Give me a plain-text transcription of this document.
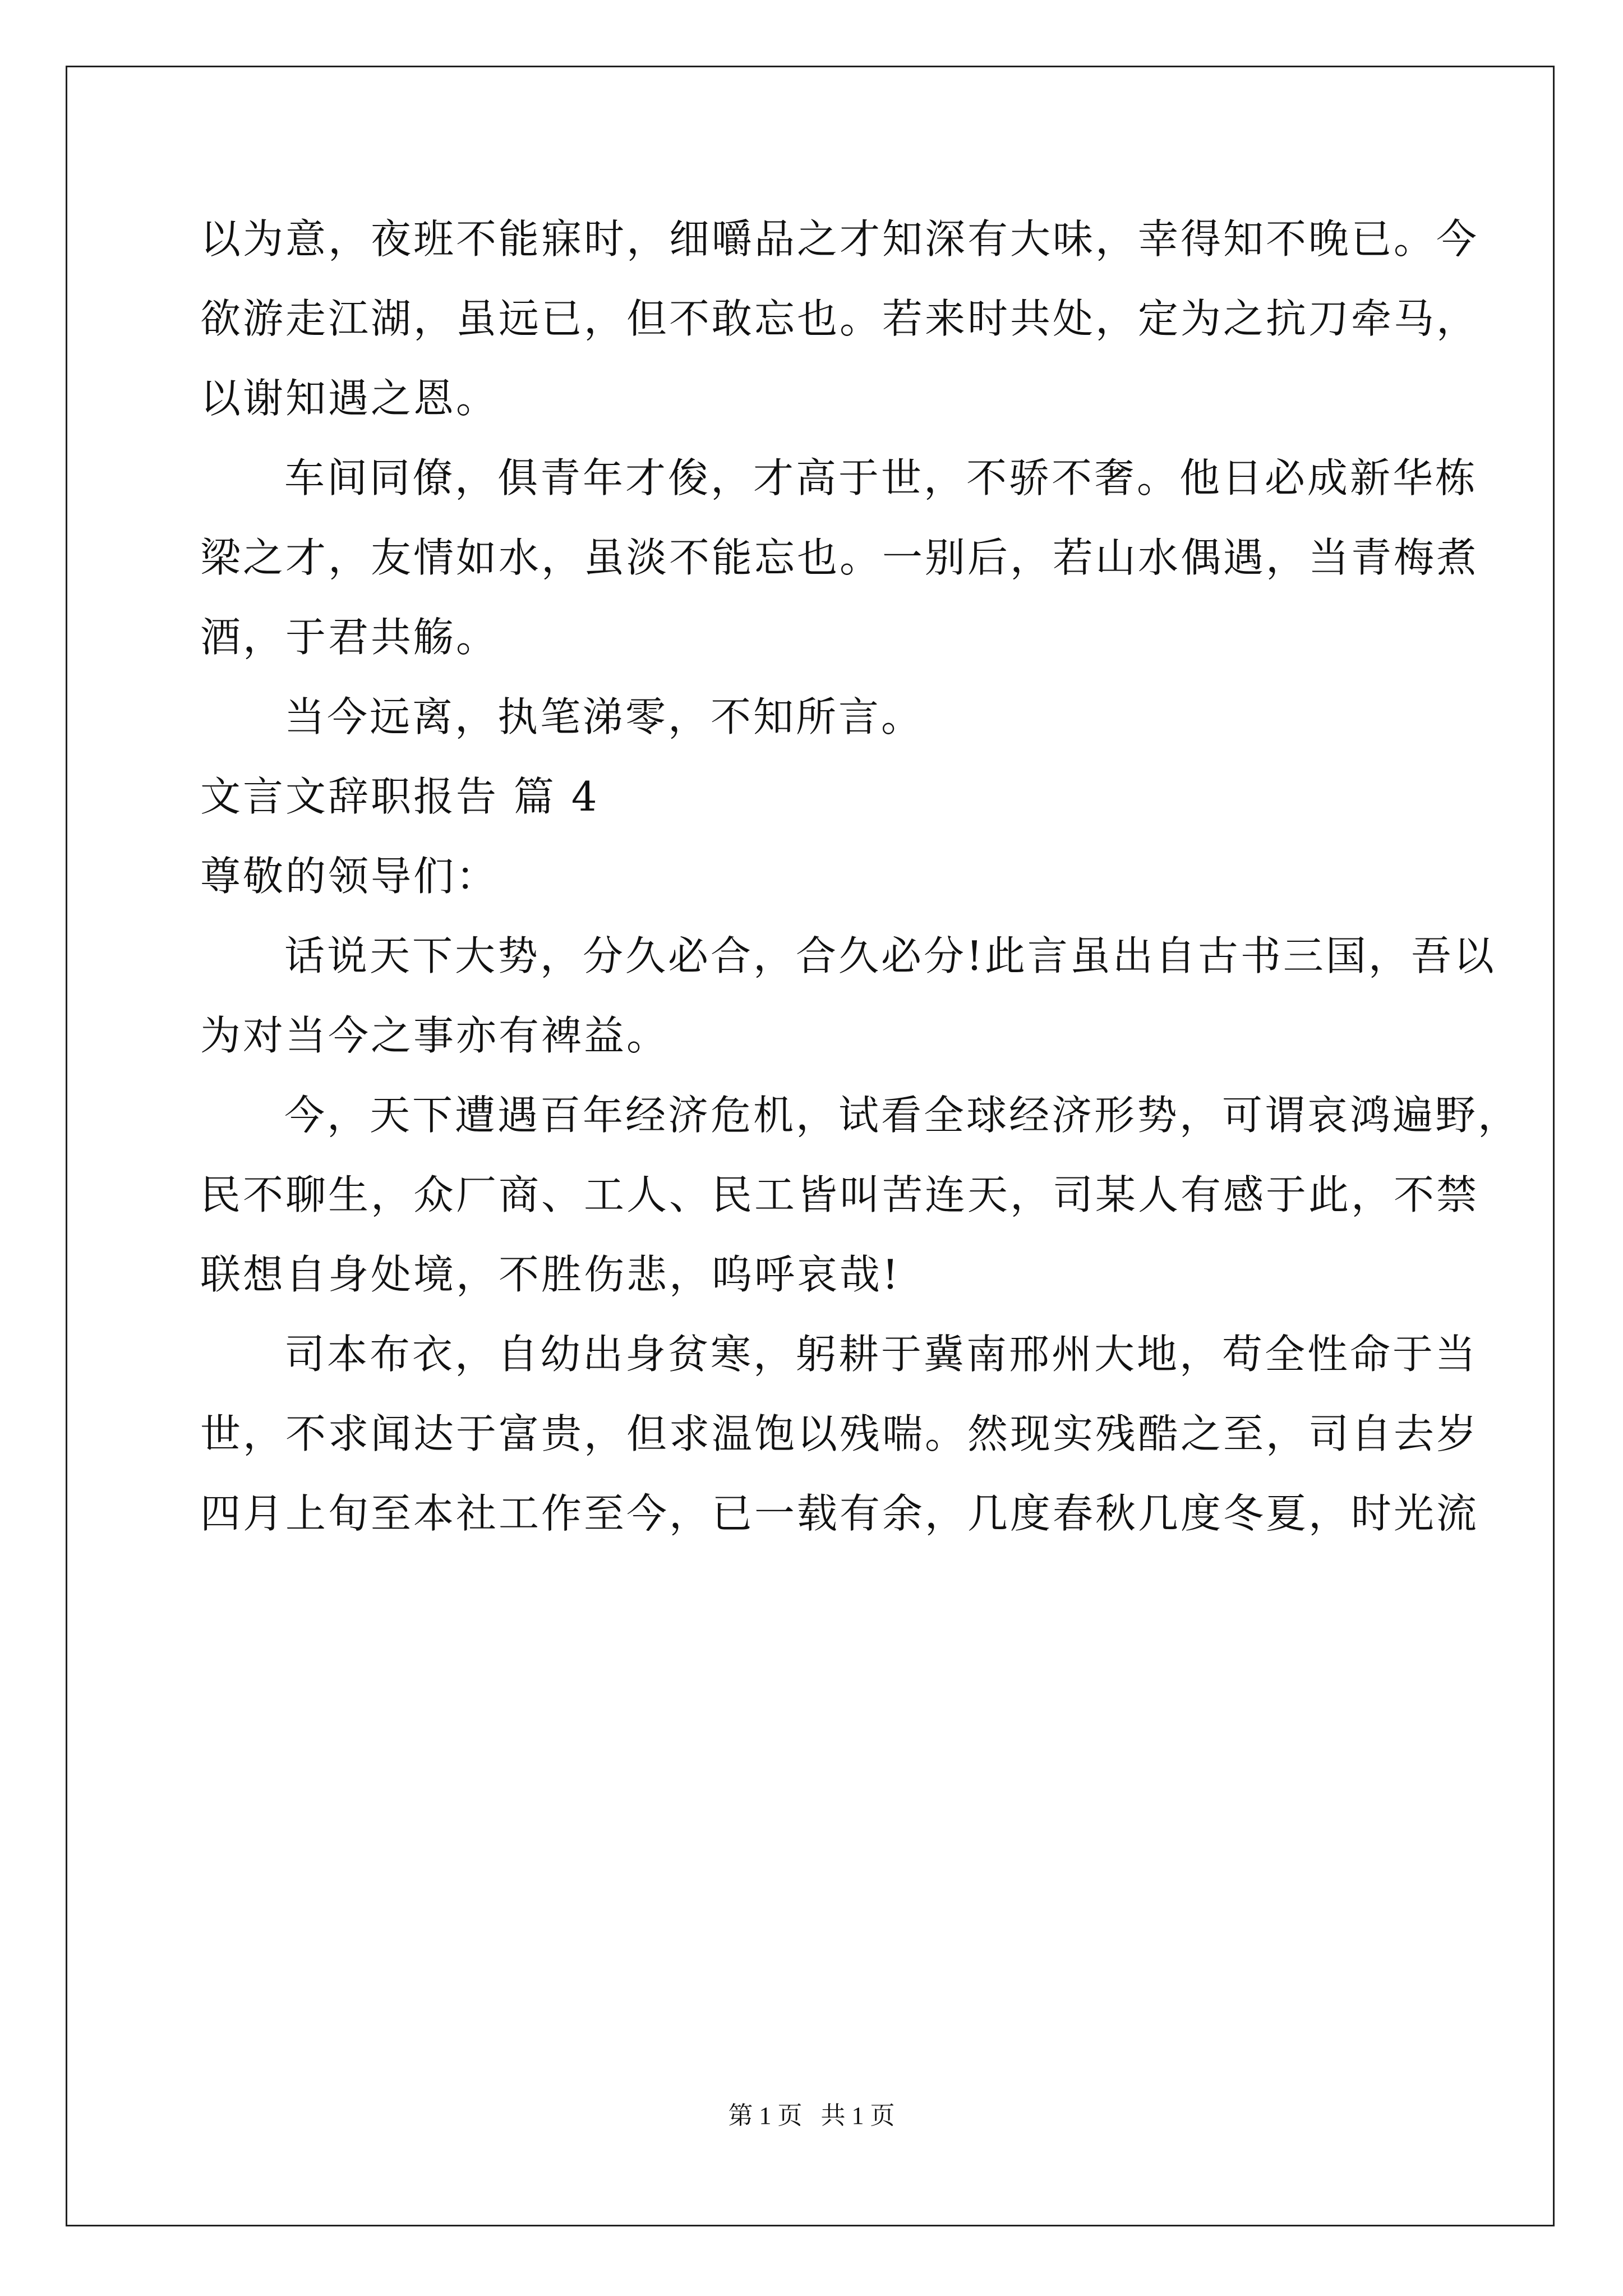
以为意，夜班不能寐时，细嚼品之才知深有大味，幸得知不晚已。今
欲游走江湖，虽远已，但不敢忘也。若来时共处，定为之抗刀牵马，
以谢知遇之恩。
车间同僚，俱青年才俊，才高于世，不骄不奢。他日必成新华栋
梁之才，友情如水，虽淡不能忘也。一别后，若山水偶遇，当青梅煮
酒，于君共觞。
当今远离，执笔涕零，不知所言。
文言文辞职报告 篇 4
尊敬的领导们：
话说天下大势，分久必合，合久必分!此言虽出自古书三国，吾以
为对当今之事亦有裨益。
今，天下遭遇百年经济危机，试看全球经济形势，可谓哀鸿遍野，
民不聊生，众厂商、工人、民工皆叫苦连天，司某人有感于此，不禁
联想自身处境，不胜伤悲，呜呼哀哉!
司本布衣，自幼出身贫寒，躬耕于冀南邢州大地，苟全性命于当
世，不求闻达于富贵，但求温饱以残喘。然现实残酷之至，司自去岁
四月上旬至本社工作至今，已一载有余，几度春秋几度冬夏，时光流
第 1 页   共 1 页
